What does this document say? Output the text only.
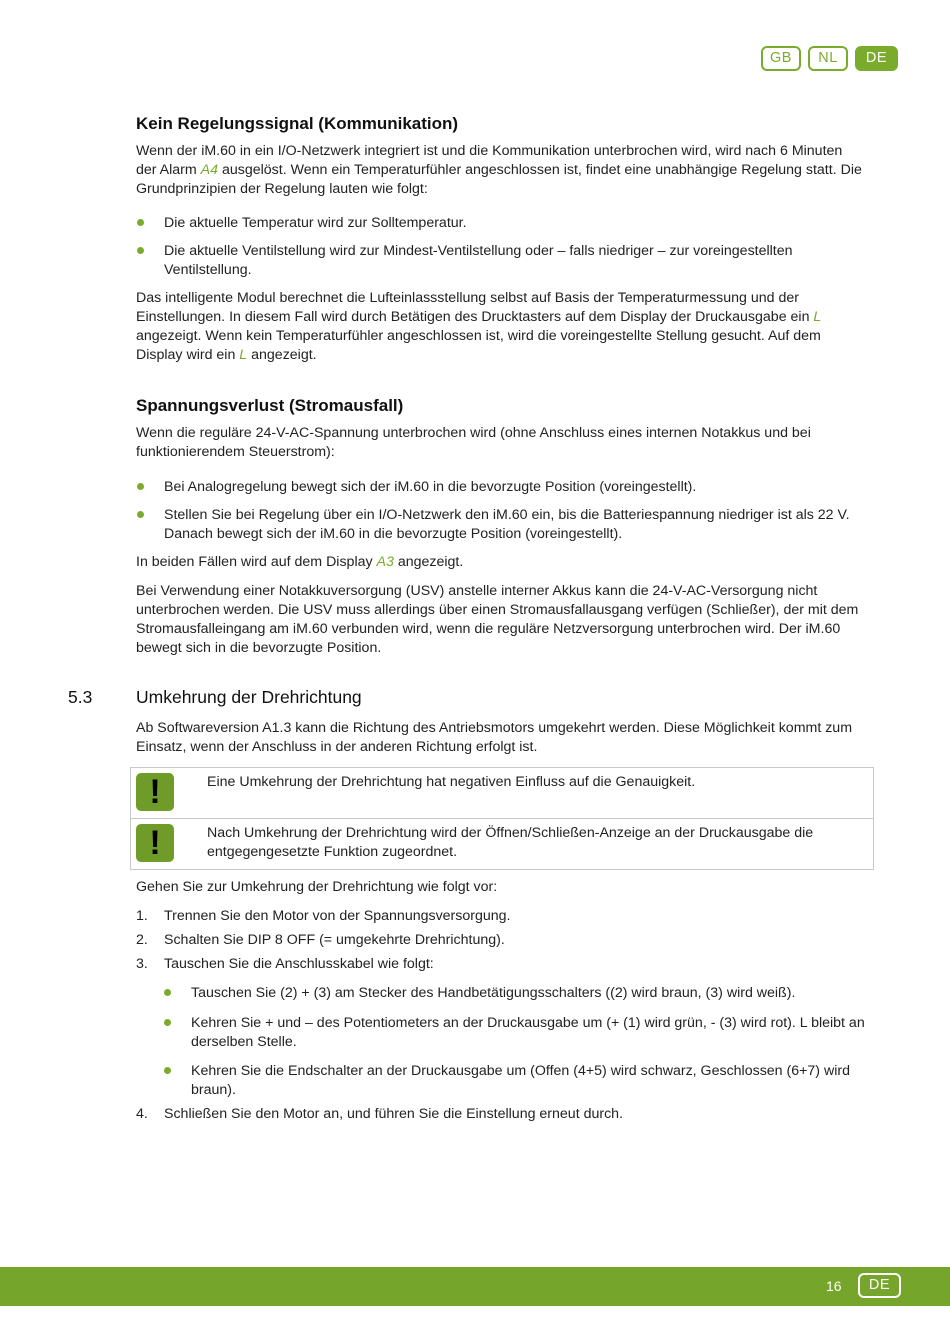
GB	NL	DE
Kein Regelungssignal (Kommunikation)

Wenn der iM.60 in ein I/O-Netzwerk integriert ist und die Kommunikation unterbrochen wird, wird nach 6 Minuten der Alarm A4 ausgelöst. Wenn ein Temperaturfühler angeschlossen ist, findet eine unabhängige Regelung statt. Die Grundprinzipien der Regelung lauten wie folgt:

Die aktuelle Temperatur wird zur Solltemperatur.
Die aktuelle Ventilstellung wird zur Mindest-Ventilstellung oder – falls niedriger – zur voreingestellten Ventilstellung.

Das intelligente Modul berechnet die Lufteinlassstellung selbst auf Basis der Temperaturmessung und der Einstellungen. In diesem Fall wird durch Betätigen des Drucktasters auf dem Display der Druckausgabe ein L angezeigt. Wenn kein Temperaturfühler angeschlossen ist, wird die voreingestellte Stellung gesucht. Auf dem Display wird ein L angezeigt.

Spannungsverlust (Stromausfall)

Wenn die reguläre 24-V-AC-Spannung unterbrochen wird (ohne Anschluss eines internen Notakkus und bei funktionierendem Steuerstrom):

Bei Analogregelung bewegt sich der iM.60 in die bevorzugte Position (voreingestellt).
Stellen Sie bei Regelung über ein I/O-Netzwerk den iM.60 ein, bis die Batteriespannung niedriger ist als 22 V. Danach bewegt sich der iM.60 in die bevorzugte Position (voreingestellt).

In beiden Fällen wird auf dem Display A3 angezeigt.

Bei Verwendung einer Notakkuversorgung (USV) anstelle interner Akkus kann die 24-V-AC-Versorgung nicht unterbrochen werden. Die USV muss allerdings über einen Stromausfallausgang verfügen (Schließer), der mit dem Stromausfalleingang am iM.60 verbunden wird, wenn die reguläre Netzversorgung unterbrochen wird. Der iM.60 bewegt sich in die bevorzugte Position.

5.3 Umkehrung der Drehrichtung

Ab Softwareversion A1.3 kann die Richtung des Antriebsmotors umgekehrt werden. Diese Möglichkeit kommt zum Einsatz, wenn der Anschluss in der anderen Richtung erfolgt ist.

!	Eine Umkehrung der Drehrichtung hat negativen Einfluss auf die Genauigkeit.
!	Nach Umkehrung der Drehrichtung wird der Öffnen/Schließen-Anzeige an der Druckausgabe die entgegengesetzte Funktion zugeordnet.

Gehen Sie zur Umkehrung der Drehrichtung wie folgt vor:

1. Trennen Sie den Motor von der Spannungsversorgung.
2. Schalten Sie DIP 8 OFF (= umgekehrte Drehrichtung).
3. Tauschen Sie die Anschlusskabel wie folgt:
Tauschen Sie (2) + (3) am Stecker des Handbetätigungsschalters ((2) wird braun, (3) wird weiß).
Kehren Sie + und – des Potentiometers an der Druckausgabe um (+ (1) wird grün, - (3) wird rot). L bleibt an derselben Stelle.
Kehren Sie die Endschalter an der Druckausgabe um (Offen (4+5) wird schwarz, Geschlossen (6+7) wird braun).
4. Schließen Sie den Motor an, und führen Sie die Einstellung erneut durch.
16	DE
